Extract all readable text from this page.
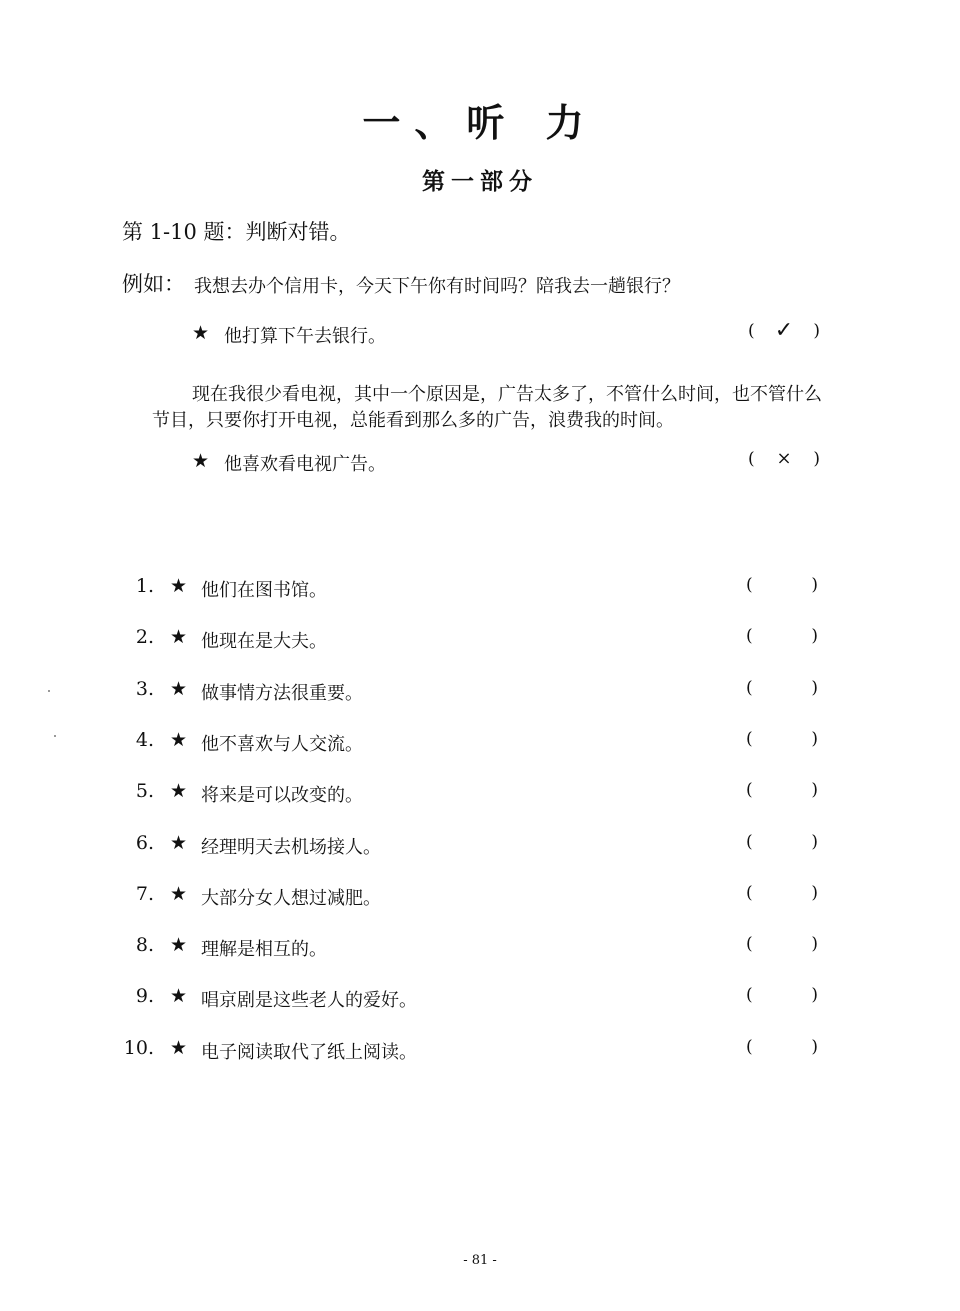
一、听 力
第一部分
第 1-10 题：判断对错。
例如： 我想去办个信用卡，今天下午你有时间吗？陪我去一趟银行？
★ 他打算下午去银行。	( ✓ )
现在我很少看电视，其中一个原因是，广告太多了，不管什么时间，也不管什么节目，只要你打开电视，总能看到那么多的广告，浪费我的时间。
★ 他喜欢看电视广告。	( × )
1. ★ 他们在图书馆。	(	)
2. ★ 他现在是大夫。	(	)
3. ★ 做事情方法很重要。	(	)
4. ★ 他不喜欢与人交流。	(	)
5. ★ 将来是可以改变的。	(	)
6. ★ 经理明天去机场接人。	(	)
7. ★ 大部分女人想过减肥。	(	)
8. ★ 理解是相互的。	(	)
9. ★ 唱京剧是这些老人的爱好。	(	)
10. ★ 电子阅读取代了纸上阅读。	(	)
- 81 -
